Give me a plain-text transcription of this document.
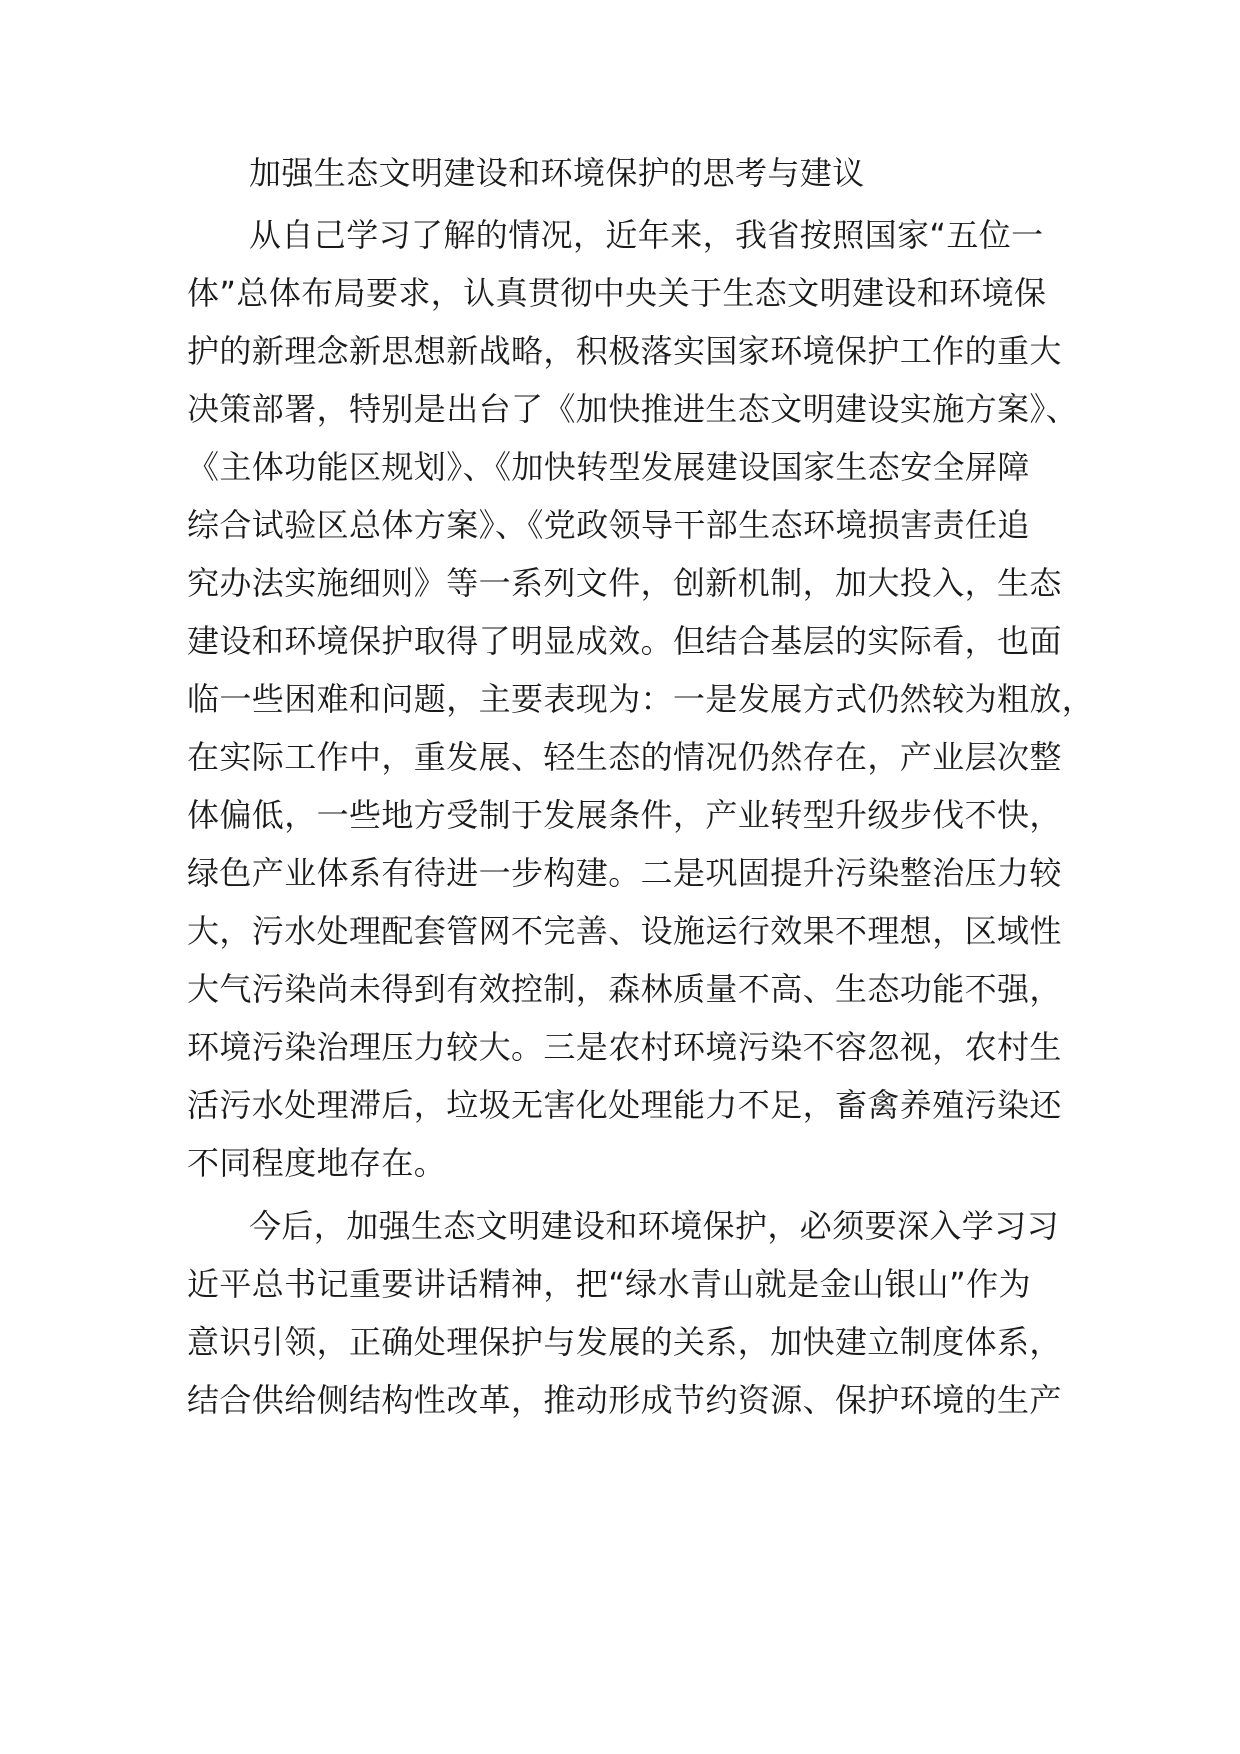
加强生态文明建设和环境保护的思考与建议

从自己学习了解的情况，近年来，我省按照国家“五位一

体”总体布局要求，认真贯彻中央关于生态文明建设和环境保

护的新理念新思想新战略，积极落实国家环境保护工作的重大

决策部署，特别是出台了《加快推进生态文明建设实施方案》、

《主体功能区规划》、《加快转型发展建设国家生态安全屏障

综合试验区总体方案》、《党政领导干部生态环境损害责任追

究办法实施细则》等一系列文件，创新机制，加大投入，生态

建设和环境保护取得了明显成效。但结合基层的实际看，也面

临一些困难和问题，主要表现为：一是发展方式仍然较为粗放，

在实际工作中，重发展、轻生态的情况仍然存在，产业层次整

体偏低，一些地方受制于发展条件，产业转型升级步伐不快，

绿色产业体系有待进一步构建。二是巩固提升污染整治压力较

大，污水处理配套管网不完善、设施运行效果不理想，区域性

大气污染尚未得到有效控制，森林质量不高、生态功能不强，

环境污染治理压力较大。三是农村环境污染不容忽视，农村生

活污水处理滞后，垃圾无害化处理能力不足，畜禽养殖污染还

不同程度地存在。

今后，加强生态文明建设和环境保护，必须要深入学习习

近平总书记重要讲话精神，把“绿水青山就是金山银山”作为

意识引领，正确处理保护与发展的关系，加快建立制度体系，

结合供给侧结构性改革，推动形成节约资源、保护环境的生产
